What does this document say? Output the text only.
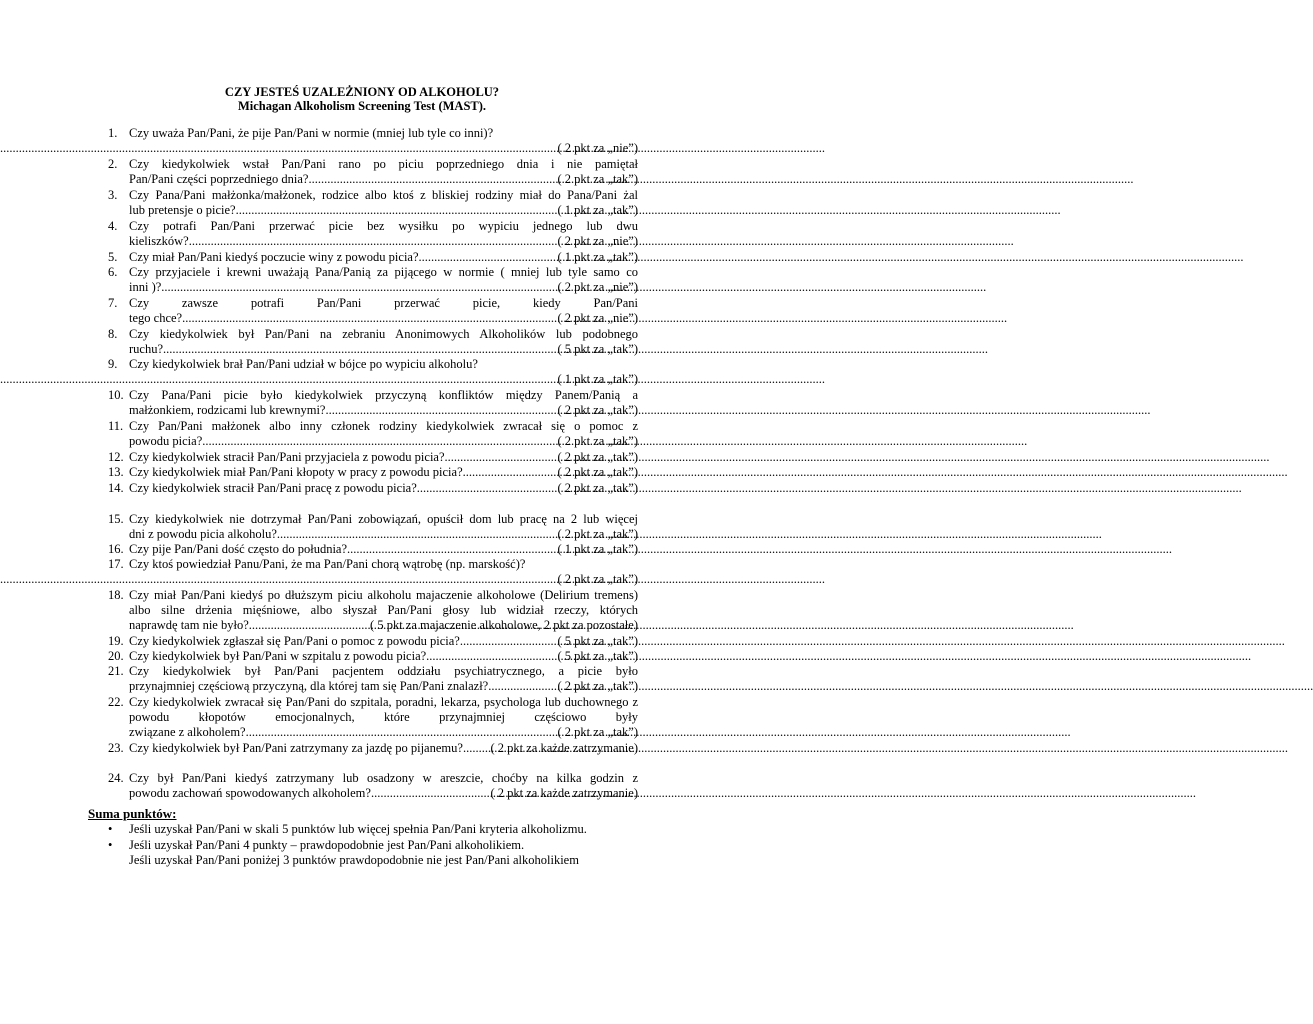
CZY JESTEŚ UZALEŻNIONY OD ALKOHOLU?

Michagan Alkoholism Screening Test (MAST).

1. Czy uważa Pan/Pani, że pije Pan/Pani w normie (mniej lub tyle co inni)?
.....
( 2 pkt za „nie”)
2. Czy kiedykolwiek wstał Pan/Pani rano po piciu poprzedniego dnia i nie pamiętał
Pan/Pani części poprzedniego dnia? .....	( 2 pkt za „tak”)
3. Czy Pana/Pani małżonka/małżonek, rodzice albo ktoś z bliskiej rodziny miał do Pana/Pani żal
lub pretensje o picie? .....	( 1 pkt za „tak”)
4. Czy potrafi Pan/Pani przerwać picie bez wysiłku po wypiciu jednego lub dwu
kieliszków? .....	( 2 pkt za „nie”)
5. Czy miał Pan/Pani kiedyś poczucie winy z powodu picia? .....	( 1 pkt za „tak”)
6. Czy przyjaciele i krewni uważają Pana/Panią za pijącego w normie ( mniej lub tyle samo co
inni )? .....	( 2 pkt za „nie”)
7. Czy zawsze potrafi Pan/Pani przerwać picie, kiedy Pan/Pani
tego chce? .....	( 2 pkt za „nie”)
8. Czy kiedykolwiek był Pan/Pani na zebraniu Anonimowych Alkoholików lub podobnego
ruchu? .....	( 5 pkt za „tak”)
9. Czy kiedykolwiek brał Pan/Pani udział w bójce po wypiciu alkoholu?
.....
( 1 pkt za „tak”)
10. Czy Pana/Pani picie było kiedykolwiek przyczyną konfliktów między Panem/Panią a
małżonkiem, rodzicami lub krewnymi? .....	( 2 pkt za „tak”)
11. Czy Pan/Pani małżonek albo inny członek rodziny kiedykolwiek zwracał się o pomoc z
powodu picia? .....	( 2 pkt za „tak”)
12. Czy kiedykolwiek stracił Pan/Pani przyjaciela z powodu picia? .....	( 2 pkt za „tak”)
13. Czy kiedykolwiek miał Pan/Pani kłopoty w pracy z powodu picia? .....	( 2 pkt za „tak”)
14. Czy kiedykolwiek stracił Pan/Pani pracę z powodu picia? .....	( 2 pkt za „tak”)
15. Czy kiedykolwiek nie dotrzymał Pan/Pani zobowiązań, opuścił dom lub pracę na 2 lub więcej
dni z powodu picia alkoholu? .....	( 2 pkt za „tak”)
16. Czy pije Pan/Pani dość często do południa? .....	( 1 pkt za „tak”)
17. Czy ktoś powiedział Panu/Pani, że ma Pan/Pani chorą wątrobę (np. marskość)?
.....
( 2 pkt za „tak”)
18. Czy miał Pan/Pani kiedyś po dłuższym piciu alkoholu majaczenie alkoholowe (Delirium tremens) albo silne drżenia mięśniowe, albo słyszał Pan/Pani głosy lub widział rzeczy, których
naprawdę tam nie było? .....	( 5 pkt za majaczenie alkoholowe, 2 pkt za pozostałe)
19. Czy kiedykolwiek zgłaszał się Pan/Pani o pomoc z powodu picia? .....	( 5 pkt za „tak”)
20. Czy kiedykolwiek był Pan/Pani w szpitalu z powodu picia? .....	( 5 pkt za „tak”)
21. Czy kiedykolwiek był Pan/Pani pacjentem oddziału psychiatrycznego, a picie było
przynajmniej częściową przyczyną, dla której tam się Pan/Pani znalazł? .....	( 2 pkt za „tak”)
22. Czy kiedykolwiek zwracał się Pan/Pani do szpitala, poradni, lekarza, psychologa lub duchownego z powodu kłopotów emocjonalnych, które przynajmniej częściowo były
związane z alkoholem? .....	( 2 pkt za „tak”)
23. Czy kiedykolwiek był Pan/Pani zatrzymany za jazdę po pijanemu? ..... ( 2 pkt za każde zatrzymanie)
24. Czy był Pan/Pani kiedyś zatrzymany lub osadzony w areszcie, choćby na kilka godzin z
powodu zachowań spowodowanych alkoholem? .....	( 2 pkt za każde zatrzymanie)
Suma punktów:
• Jeśli uzyskał Pan/Pani w skali 5 punktów lub więcej spełnia Pan/Pani kryteria alkoholizmu.
• Jeśli uzyskał Pan/Pani 4 punkty – prawdopodobnie jest Pan/Pani alkoholikiem.
Jeśli uzyskał Pan/Pani poniżej 3 punktów prawdopodobnie nie jest Pan/Pani alkoholikiem
